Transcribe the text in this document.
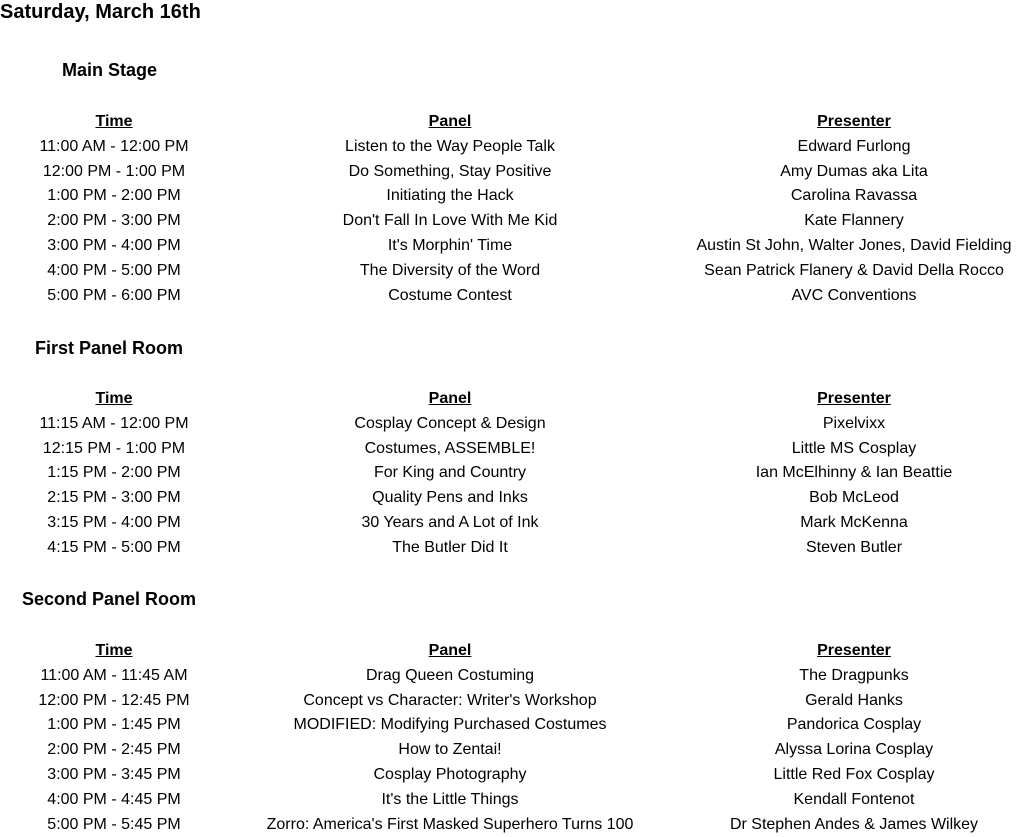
Saturday, March 16th
Main Stage
Time	Panel	Presenter
11:00 AM - 12:00 PM	Listen to the Way People Talk	Edward Furlong
12:00 PM - 1:00 PM	Do Something, Stay Positive	Amy Dumas aka Lita
1:00 PM - 2:00 PM	Initiating the Hack	Carolina Ravassa
2:00 PM - 3:00 PM	Don't Fall In Love With Me Kid	Kate Flannery
3:00 PM - 4:00 PM	It's Morphin' Time	Austin St John, Walter Jones, David Fielding
4:00 PM - 5:00 PM	The Diversity of the Word	Sean Patrick Flanery & David Della Rocco
5:00 PM - 6:00 PM	Costume Contest	AVC Conventions
First Panel Room
Time	Panel	Presenter
11:15 AM - 12:00 PM	Cosplay Concept & Design	Pixelvixx
12:15 PM - 1:00 PM	Costumes, ASSEMBLE!	Little MS Cosplay
1:15 PM - 2:00 PM	For King and Country	Ian McElhinny & Ian Beattie
2:15 PM - 3:00 PM	Quality Pens and Inks	Bob McLeod
3:15 PM - 4:00 PM	30 Years and A Lot of Ink	Mark McKenna
4:15 PM - 5:00 PM	The Butler Did It	Steven Butler
Second Panel Room
Time	Panel	Presenter
11:00 AM - 11:45 AM	Drag Queen Costuming	The Dragpunks
12:00 PM - 12:45 PM	Concept vs Character: Writer's Workshop	Gerald Hanks
1:00 PM - 1:45 PM	MODIFIED: Modifying Purchased Costumes	Pandorica Cosplay
2:00 PM - 2:45 PM	How to Zentai!	Alyssa Lorina Cosplay
3:00 PM - 3:45 PM	Cosplay Photography	Little Red Fox Cosplay
4:00 PM - 4:45 PM	It's the Little Things	Kendall Fontenot
5:00 PM - 5:45 PM	Zorro: America's First Masked Superhero Turns 100	Dr Stephen Andes & James Wilkey
